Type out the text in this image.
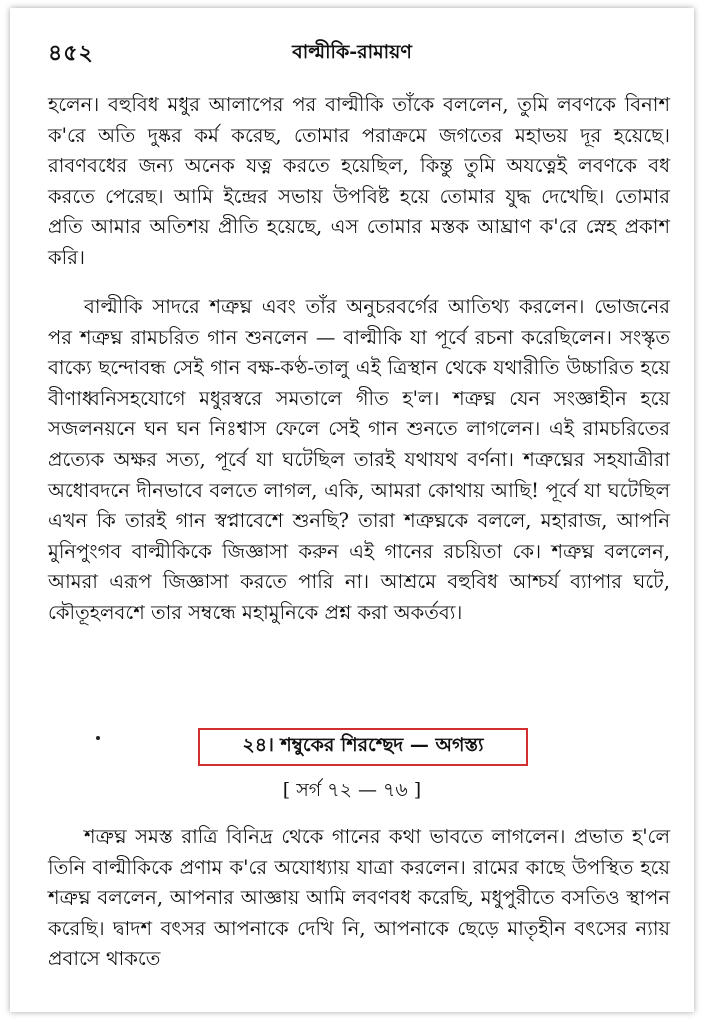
৪৫২	বাল্মীকি-রামায়ণ

হলেন। বহুবিধ মধুর আলাপের পর বাল্মীকি তাঁকে বললেন, তুমি লবণকে বিনাশ ক'রে অতি দুষ্কর কর্ম করেছ, তোমার পরাক্রমে জগতের মহাভয় দূর হয়েছে। রাবণবধের জন্য অনেক যত্ন করতে হয়েছিল, কিন্তু তুমি অযত্নেই লবণকে বধ করতে পেরেছ। আমি ইন্দ্রের সভায় উপবিষ্ট হয়ে তোমার যুদ্ধ দেখেছি। তোমার প্রতি আমার অতিশয় প্রীতি হয়েছে, এস তোমার মস্তক আঘ্রাণ ক'রে স্নেহ প্রকাশ করি।

বাল্মীকি সাদরে শত্রুঘ্ন এবং তাঁর অনুচরবর্গের আতিথ্য করলেন। ভোজনের পর শত্রুঘ্ন রামচরিত গান শুনলেন — বাল্মীকি যা পূর্বে রচনা করেছিলেন। সংস্কৃত বাক্যে ছন্দোবন্ধ সেই গান বক্ষ-কণ্ঠ-তালু এই ত্রিস্থান থেকে যথারীতি উচ্চারিত হয়ে বীণাধ্বনিসহযোগে মধুরস্বরে সমতালে গীত হ'ল। শত্রুঘ্ন যেন সংজ্ঞাহীন হয়ে সজলনয়নে ঘন ঘন নিঃশ্বাস ফেলে সেই গান শুনতে লাগলেন। এই রামচরিতের প্রত্যেক অক্ষর সত্য, পূর্বে যা ঘটেছিল তারই যথাযথ বর্ণনা। শত্রুঘ্নের সহযাত্রীরা অধোবদনে দীনভাবে বলতে লাগল, একি, আমরা কোথায় আছি! পূর্বে যা ঘটেছিল এখন কি তারই গান স্বপ্নাবেশে শুনছি? তারা শত্রুঘ্নকে বললে, মহারাজ, আপনি মুনিপুংগব বাল্মীকিকে জিজ্ঞাসা করুন এই গানের রচয়িতা কে। শত্রুঘ্ন বললেন, আমরা এরূপ জিজ্ঞাসা করতে পারি না। আশ্রমে বহুবিধ আশ্চর্য ব্যাপার ঘটে, কৌতূহলবশে তার সম্বন্ধে মহামুনিকে প্রশ্ন করা অকর্তব্য।

২৪। শম্বুকের শিরশ্ছেদ — অগস্ত্য
[ সর্গ ৭২ — ৭৬ ]

শত্রুঘ্ন সমস্ত রাত্রি বিনিদ্র থেকে গানের কথা ভাবতে লাগলেন। প্রভাত হ'লে তিনি বাল্মীকিকে প্রণাম ক'রে অযোধ্যায় যাত্রা করলেন। রামের কাছে উপস্থিত হয়ে শত্রুঘ্ন বললেন, আপনার আজ্ঞায় আমি লবণবধ করেছি, মধুপুরীতে বসতিও স্থাপন করেছি। দ্বাদশ বৎসর আপনাকে দেখি নি, আপনাকে ছেড়ে মাতৃহীন বৎসের ন্যায় প্রবাসে থাকতে
